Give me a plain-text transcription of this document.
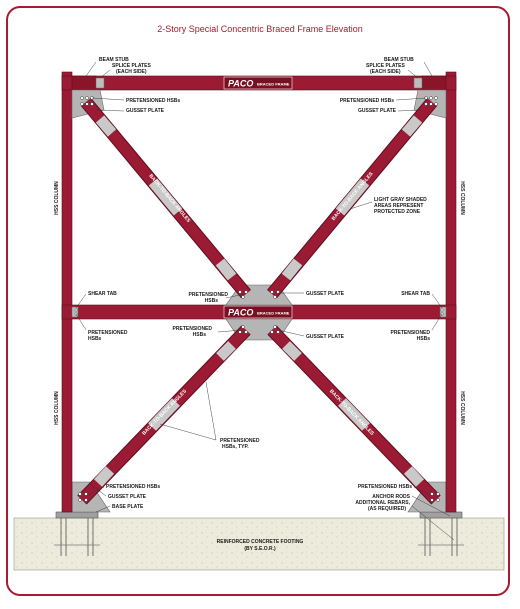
2-Story Special Concentric Braced Frame Elevation
REINFORCED CONCRETE FOOTING
(BY S.E.O.R.)
PACO BRACED FRAME
PACO BRACED FRAME
BEAM STUB
SPLICE PLATES
(EACH SIDE)
PRETENSIONED HSBs
GUSSET PLATE
BEAM STUB
SPLICE PLATES
(EACH SIDE)
PRETENSIONED HSBs
GUSSET PLATE
HSS COLUMN	HSS COLUMN
HSS COLUMN	HSS COLUMN
BACK-TO-BACK ANGLES	BACK-TO-BACK ANGLES
BACK-TO-BACK ANGLES	BACK-TO-BACK ANGLES
LIGHT GRAY SHADED
AREAS REPRESENT
PROTECTED ZONE
PRETENSIONED
HSBs
GUSSET PLATE
SHEAR TAB	SHEAR TAB
PRETENSIONED
HSBs
PRETENSIONED
HSBs
PRETENSIONED
HSBs	GUSSET PLATE
PRETENSIONED
HSBs, TYP.
PRETENSIONED HSBs
GUSSET PLATE
BASE PLATE
PRETENSIONED HSBs
ANCHOR RODS
ADDITIONAL REBARS,
(AS REQUIRED)
